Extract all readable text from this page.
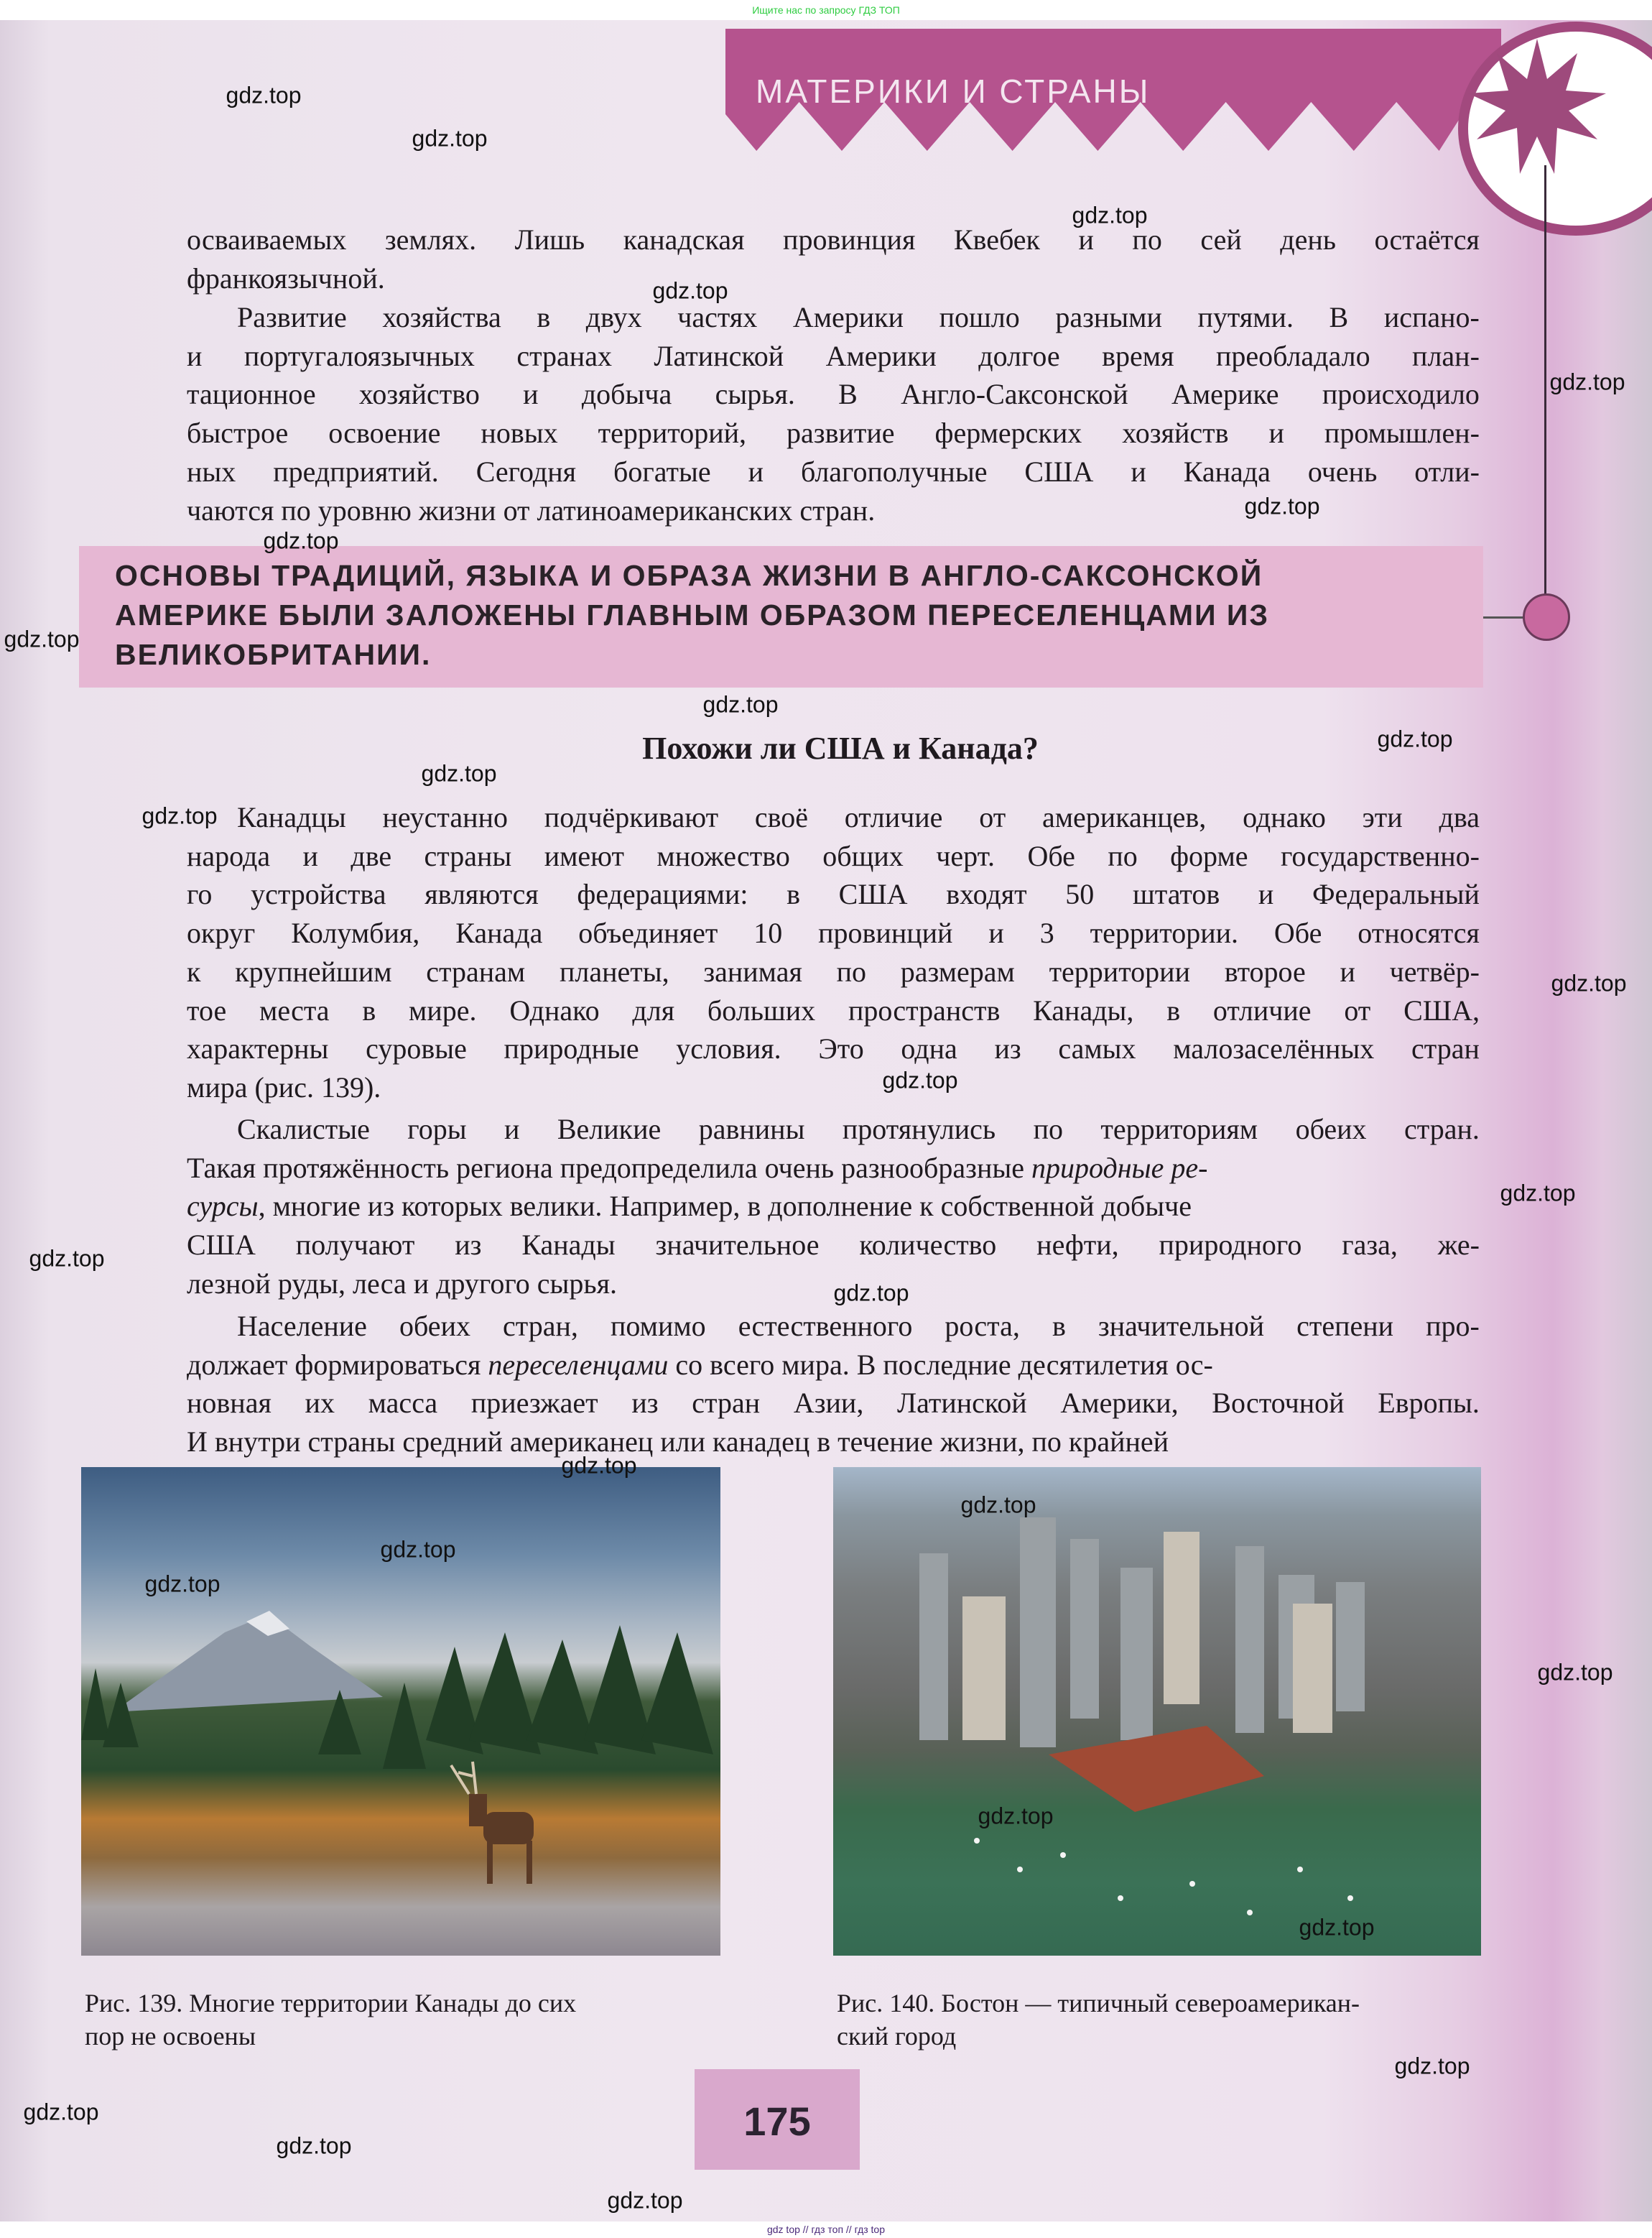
Ищите нас по запросу ГДЗ ТОП
МАТЕРИКИ И СТРАНЫ
ОСНОВЫ ТРАДИЦИЙ, ЯЗЫКА И ОБРАЗА ЖИЗНИ В АНГЛО-САКСОНСКОЙ
АМЕРИКЕ БЫЛИ ЗАЛОЖЕНЫ ГЛАВНЫМ ОБРАЗОМ ПЕРЕСЕЛЕНЦАМИ ИЗ
ВЕЛИКОБРИТАНИИ.
Похожи ли США и Канада?
осваиваемых землях. Лишь канадская провинция Квебек и по сей день остаётся
франкоязычной.
Развитие хозяйства в двух частях Америки пошло разными путями. В испано-
и португалоязычных странах Латинской Америки долгое время преобладало план-
тационное хозяйство и добыча сырья. В Англо-Саксонской Америке происходило
быстрое освоение новых территорий, развитие фермерских хозяйств и промышлен-
ных предприятий. Сегодня богатые и благополучные США и Канада очень отли-
чаются по уровню жизни от латиноамериканских стран.
Канадцы неустанно подчёркивают своё отличие от американцев, однако эти два
народа и две страны имеют множество общих черт. Обе по форме государственно-
го устройства являются федерациями: в США входят 50 штатов и Федеральный
округ Колумбия, Канада объединяет 10 провинций и 3 территории. Обе относятся
к крупнейшим странам планеты, занимая по размерам территории второе и четвёр-
тое места в мире. Однако для больших пространств Канады, в отличие от США,
характерны суровые природные условия. Это одна из самых малозаселённых стран
мира (рис. 139).
Скалистые горы и Великие равнины протянулись по территориям обеих стран.
Такая протяжённость региона предопределила очень разнообразные природные ре-
сурсы , многие из которых велики. Например, в дополнение к собственной добыче
США получают из Канады значительное количество нефти, природного газа, же-
лезной руды, леса и другого сырья.
Население обеих стран, помимо естественного роста, в значительной степени про-
должает формироваться переселенцами со всего мира. В последние десятилетия ос-
новная их масса приезжает из стран Азии, Латинской Америки, Восточной Европы.
И внутри страны средний американец или канадец в течение жизни, по крайней
Рис. 139. Многие территории Канады до сих
пор не освоены
Рис. 140. Бостон — типичный североамерикан-
ский город
175
gdz.top
gdz.top
gdz.top
gdz.top
gdz.top
gdz.top
gdz.top
gdz.top
gdz.top
gdz.top
gdz.top
gdz.top
gdz.top
gdz.top
gdz.top
gdz.top
gdz.top
gdz.top
gdz.top
gdz.top
gdz.top
gdz.top
gdz.top
gdz.top
gdz.top
gdz.top
gdz.top
gdz.top
gdz top // гдз топ // гдз top
